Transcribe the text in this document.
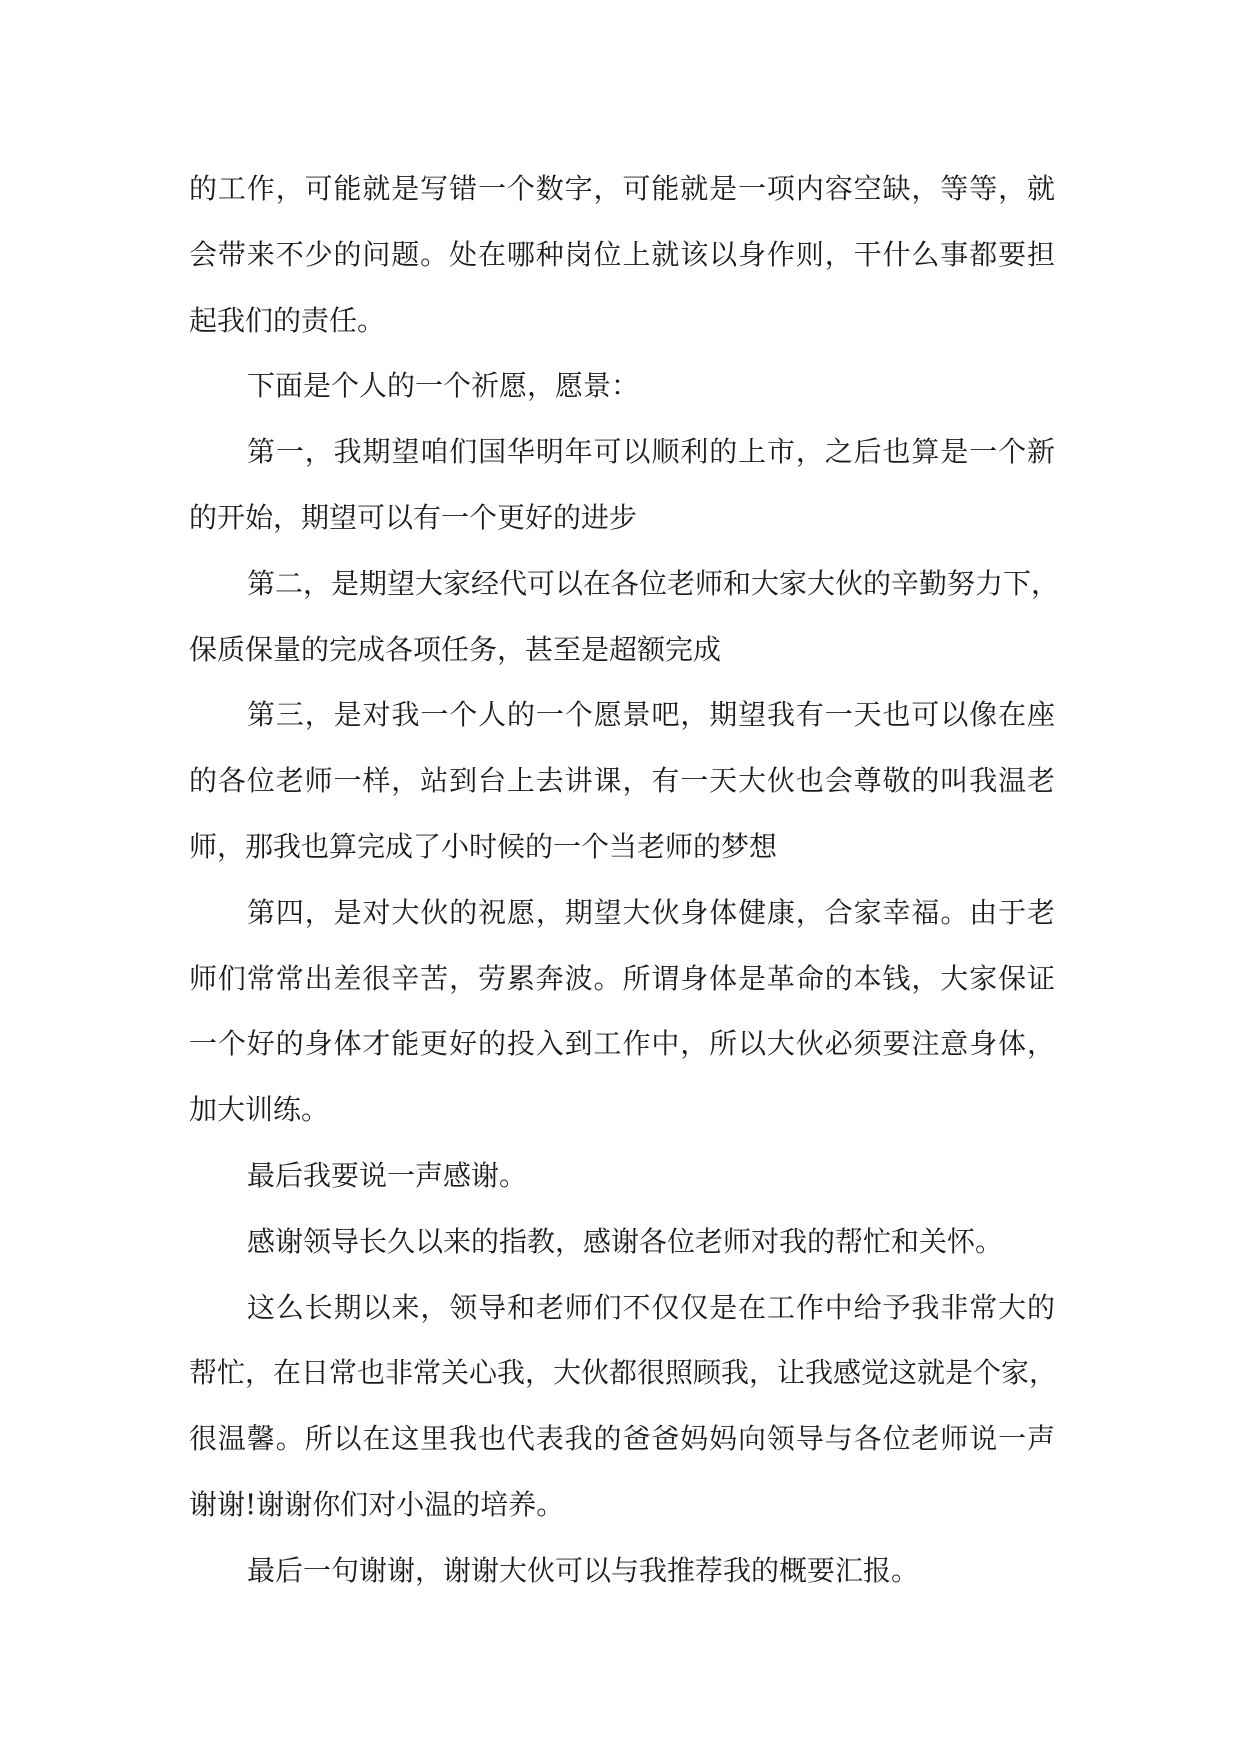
的工作，可能就是写错一个数字，可能就是一项内容空缺，等等，就
会带来不少的问题。处在哪种岗位上就该以身作则，干什么事都要担
起我们的责任。
下面是个人的一个祈愿，愿景：
第一，我期望咱们国华明年可以顺利的上市，之后也算是一个新
的开始，期望可以有一个更好的进步
第二，是期望大家经代可以在各位老师和大家大伙的辛勤努力下，
保质保量的完成各项任务，甚至是超额完成
第三，是对我一个人的一个愿景吧，期望我有一天也可以像在座
的各位老师一样，站到台上去讲课，有一天大伙也会尊敬的叫我温老
师，那我也算完成了小时候的一个当老师的梦想
第四，是对大伙的祝愿，期望大伙身体健康，合家幸福。由于老
师们常常出差很辛苦，劳累奔波。所谓身体是革命的本钱，大家保证
一个好的身体才能更好的投入到工作中，所以大伙必须要注意身体，
加大训练。
最后我要说一声感谢。
感谢领导长久以来的指教，感谢各位老师对我的帮忙和关怀。
这么长期以来，领导和老师们不仅仅是在工作中给予我非常大的
帮忙，在日常也非常关心我，大伙都很照顾我，让我感觉这就是个家，
很温馨。所以在这里我也代表我的爸爸妈妈向领导与各位老师说一声
谢谢!谢谢你们对小温的培养。
最后一句谢谢，谢谢大伙可以与我推荐我的概要汇报。
